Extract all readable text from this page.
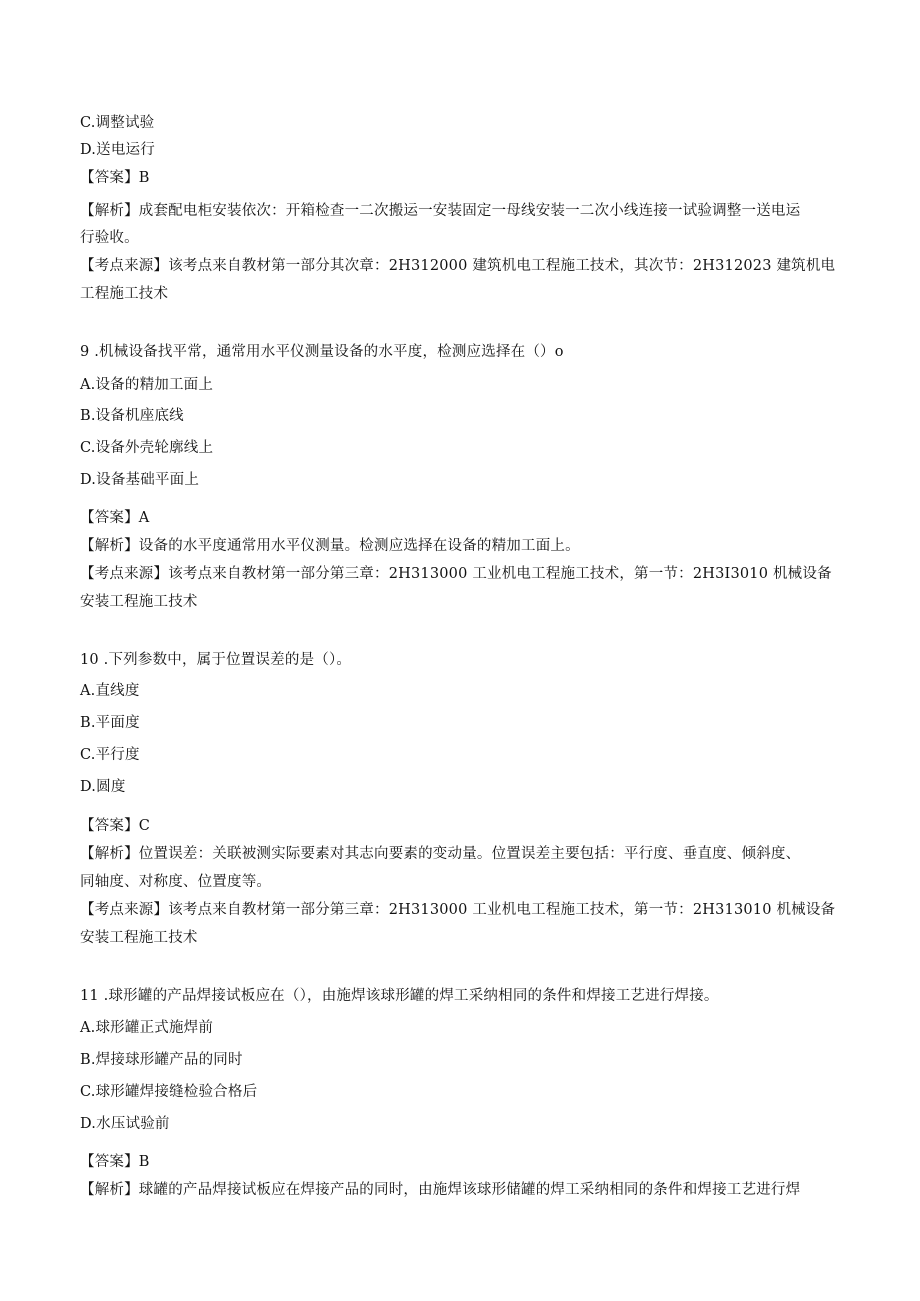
C.调整试验
D.送电运行
【答案】B
【解析】成套配电柜安装依次：开箱检查一二次搬运一安装固定一母线安装一二次小线连接一试验调整一送电运
行验收。
【考点来源】该考点来自教材第一部分其次章：2H312000 建筑机电工程施工技术，其次节：2H312023 建筑机电
工程施工技术
9 .机械设备找平常，通常用水平仪测量设备的水平度，检测应选择在（）o
A.设备的精加工面上
B.设备机座底线
C.设备外壳轮廓线上
D.设备基础平面上
【答案】A
【解析】设备的水平度通常用水平仪测量。检测应选择在设备的精加工面上。
【考点来源】该考点来自教材第一部分第三章：2H313000 工业机电工程施工技术，第一节：2H3I3010 机械设备
安装工程施工技术
10 .下列参数中，属于位置误差的是（）。
A.直线度
B.平面度
C.平行度
D.圆度
【答案】C
【解析】位置误差：关联被测实际要素对其志向要素的变动量。位置误差主要包括：平行度、垂直度、倾斜度、
同轴度、对称度、位置度等。
【考点来源】该考点来自教材第一部分第三章：2H313000 工业机电工程施工技术，第一节：2H313010 机械设备
安装工程施工技术
11 .球形罐的产品焊接试板应在（），由施焊该球形罐的焊工采纳相同的条件和焊接工艺进行焊接。
A.球形罐正式施焊前
B.焊接球形罐产品的同时
C.球形罐焊接缝检验合格后
D.水压试验前
【答案】B
【解析】球罐的产品焊接试板应在焊接产品的同时，由施焊该球形储罐的焊工采纳相同的条件和焊接工艺进行焊
